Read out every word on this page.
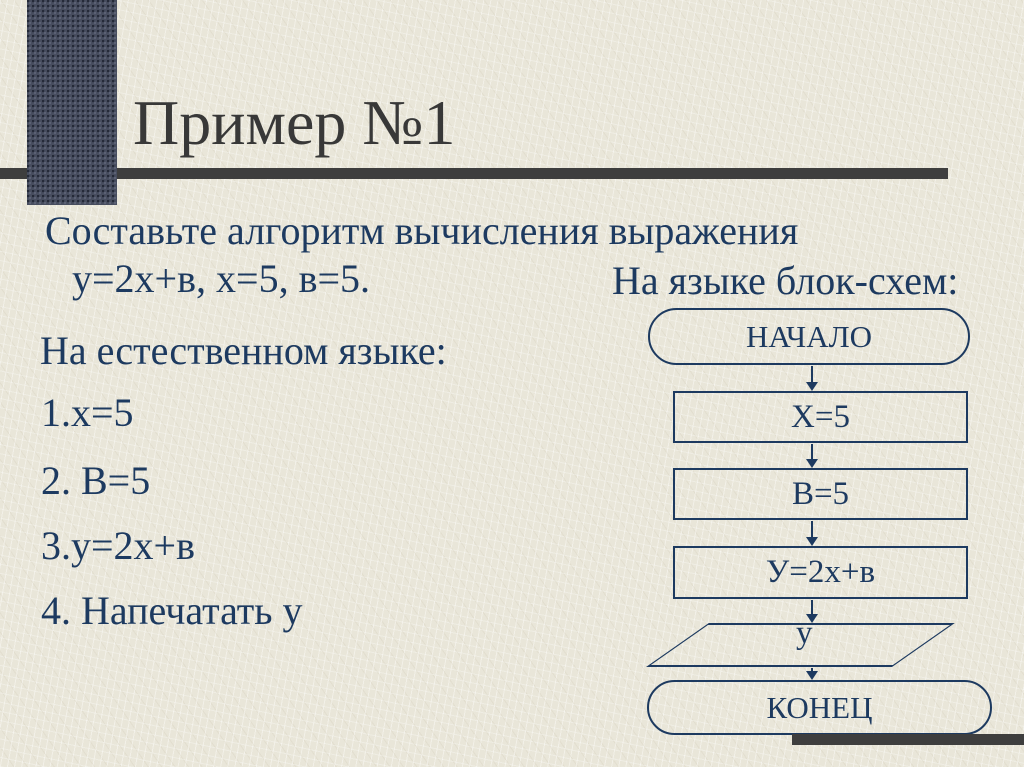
Пример №1
Составьте алгоритм вычисления выражения
у=2х+в, х=5, в=5.
На естественном языке:
1.х=5
2. В=5
3.у=2х+в
4. Напечатать у
На языке блок-схем:
НАЧАЛО
Х=5
В=5
У=2х+в
у
КОНЕЦ
